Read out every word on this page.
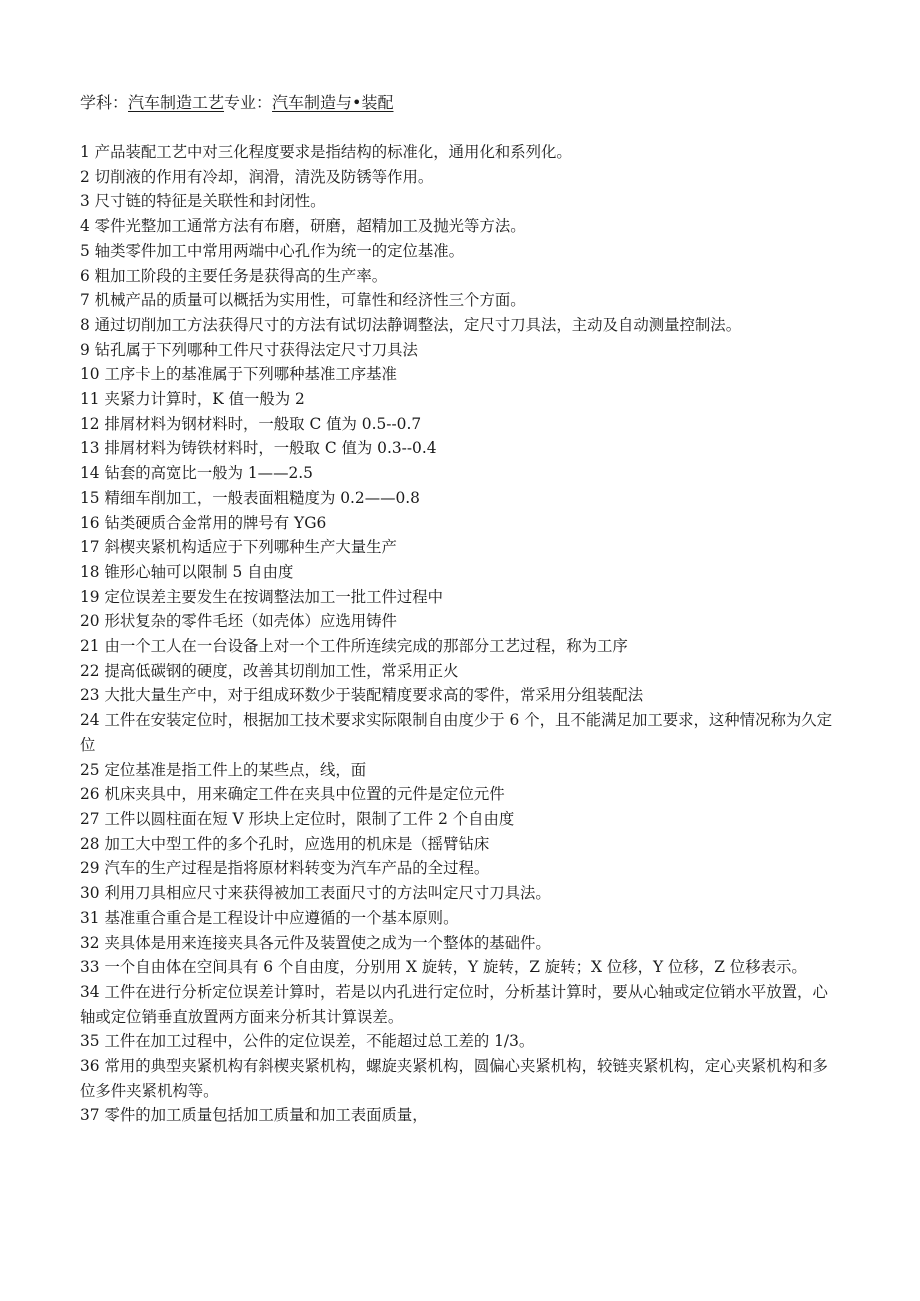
学科：汽车制造工艺专业：汽车制造与•装配
1 产品装配工艺中对三化程度要求是指结构的标准化，通用化和系列化。
2 切削液的作用有冷却，润滑，清洗及防锈等作用。
3 尺寸链的特征是关联性和封闭性。
4 零件光整加工通常方法有布磨，研磨，超精加工及抛光等方法。
5 轴类零件加工中常用两端中心孔作为统一的定位基准。
6 粗加工阶段的主要任务是获得高的生产率。
7 机械产品的质量可以概括为实用性，可靠性和经济性三个方面。
8 通过切削加工方法获得尺寸的方法有试切法静调整法，定尺寸刀具法，主动及自动测量控制法。
9 钻孔属于下列哪种工件尺寸获得法定尺寸刀具法
10 工序卡上的基准属于下列哪种基准工序基准
11 夹紧力计算时，K 值一般为 2
12 排屑材料为钢材料时，一般取 C 值为 0.5--0.7
13 排屑材料为铸铁材料时，一般取 C 值为 0.3--0.4
14 钻套的高宽比一般为 1——2.5
15 精细车削加工，一般表面粗糙度为 0.2——0.8
16 钻类硬质合金常用的牌号有 YG6
17 斜楔夹紧机构适应于下列哪种生产大量生产
18 锥形心轴可以限制 5 自由度
19 定位误差主要发生在按调整法加工一批工件过程中
20 形状复杂的零件毛坯（如壳体）应选用铸件
21 由一个工人在一台设备上对一个工件所连续完成的那部分工艺过程，称为工序
22 提高低碳钢的硬度，改善其切削加工性，常采用正火
23 大批大量生产中，对于组成环数少于装配精度要求高的零件，常采用分组装配法
24 工件在安装定位时，根据加工技术要求实际限制自由度少于 6 个，且不能满足加工要求，这种情况称为久定位
25 定位基准是指工件上的某些点，线，面
26 机床夹具中，用来确定工件在夹具中位置的元件是定位元件
27 工件以圆柱面在短 V 形块上定位时，限制了工件 2 个自由度
28 加工大中型工件的多个孔时，应选用的机床是（摇臂钻床
29 汽车的生产过程是指将原材料转变为汽车产品的全过程。
30 利用刀具相应尺寸来获得被加工表面尺寸的方法叫定尺寸刀具法。
31 基准重合重合是工程设计中应遵循的一个基本原则。
32 夹具体是用来连接夹具各元件及装置使之成为一个整体的基础件。
33 一个自由体在空间具有 6 个自由度，分别用 X 旋转，Y 旋转，Z 旋转；X 位移，Y 位移，Z 位移表示。
34 工件在进行分析定位误差计算时，若是以内孔进行定位时，分析基计算时，要从心轴或定位销水平放置，心轴或定位销垂直放置两方面来分析其计算误差。
35 工件在加工过程中，公件的定位误差，不能超过总工差的 1/3。
36 常用的典型夹紧机构有斜楔夹紧机构，螺旋夹紧机构，圆偏心夹紧机构，较链夹紧机构，定心夹紧机构和多位多件夹紧机构等。
37 零件的加工质量包括加工质量和加工表面质量，
